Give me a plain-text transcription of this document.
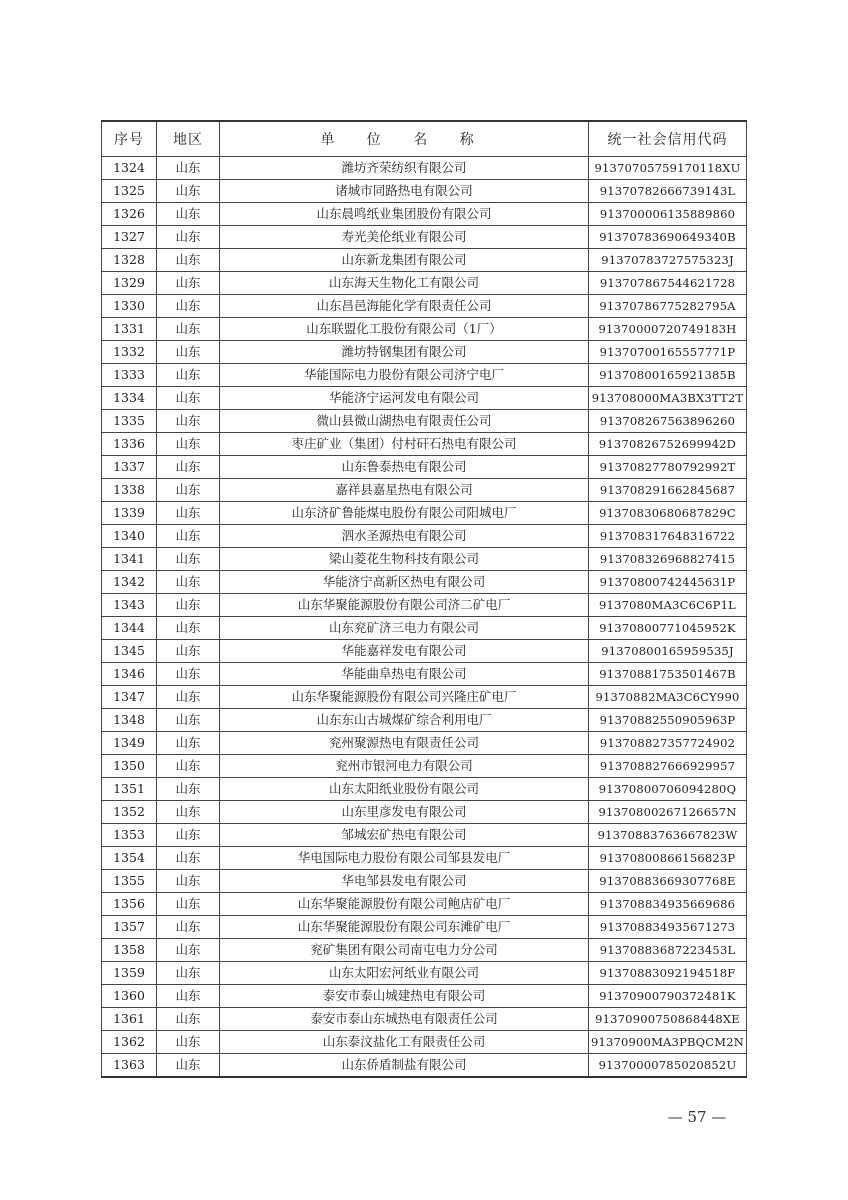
序号	地区	单 位 名 称	统一社会信用代码
1324	山东	潍坊齐荣纺织有限公司	91370705759170118XU
1325	山东	诸城市同路热电有限公司	91370782666739143L
1326	山东	山东晨鸣纸业集团股份有限公司	913700006135889860
1327	山东	寿光美伦纸业有限公司	91370783690649340B
1328	山东	山东新龙集团有限公司	91370783727575323J
1329	山东	山东海天生物化工有限公司	913707867544621728
1330	山东	山东昌邑海能化学有限责任公司	91370786775282795A
1331	山东	山东联盟化工股份有限公司（1厂）	91370000720749183H
1332	山东	潍坊特钢集团有限公司	91370700165557771P
1333	山东	华能国际电力股份有限公司济宁电厂	91370800165921385B
1334	山东	华能济宁运河发电有限公司	913708000MA3BX3TT2T
1335	山东	微山县微山湖热电有限责任公司	913708267563896260
1336	山东	枣庄矿业（集团）付村矸石热电有限公司	91370826752699942D
1337	山东	山东鲁泰热电有限公司	91370827780792992T
1338	山东	嘉祥县嘉星热电有限公司	913708291662845687
1339	山东	山东济矿鲁能煤电股份有限公司阳城电厂	91370830680687829C
1340	山东	泗水圣源热电有限公司	913708317648316722
1341	山东	梁山菱花生物科技有限公司	913708326968827415
1342	山东	华能济宁高新区热电有限公司	91370800742445631P
1343	山东	山东华聚能源股份有限公司济二矿电厂	9137080MA3C6C6P1L
1344	山东	山东兖矿济三电力有限公司	91370800771045952K
1345	山东	华能嘉祥发电有限公司	91370800165959535J
1346	山东	华能曲阜热电有限公司	91370881753501467B
1347	山东	山东华聚能源股份有限公司兴隆庄矿电厂	91370882MA3C6CY990
1348	山东	山东东山古城煤矿综合利用电厂	91370882550905963P
1349	山东	兖州聚源热电有限责任公司	913708827357724902
1350	山东	兖州市银河电力有限公司	913708827666929957
1351	山东	山东太阳纸业股份有限公司	91370800706094280Q
1352	山东	山东里彦发电有限公司	91370800267126657N
1353	山东	邹城宏矿热电有限公司	91370883763667823W
1354	山东	华电国际电力股份有限公司邹县发电厂	91370800866156823P
1355	山东	华电邹县发电有限公司	91370883669307768E
1356	山东	山东华聚能源股份有限公司鲍店矿电厂	913708834935669686
1357	山东	山东华聚能源股份有限公司东滩矿电厂	913708834935671273
1358	山东	兖矿集团有限公司南屯电力分公司	91370883687223453L
1359	山东	山东太阳宏河纸业有限公司	91370883092194518F
1360	山东	泰安市泰山城建热电有限公司	91370900790372481K
1361	山东	泰安市泰山东城热电有限责任公司	91370900750868448XE
1362	山东	山东泰汶盐化工有限责任公司	91370900MA3PBQCM2N
1363	山东	山东侨盾制盐有限公司	91370000785020852U
— 57 —
